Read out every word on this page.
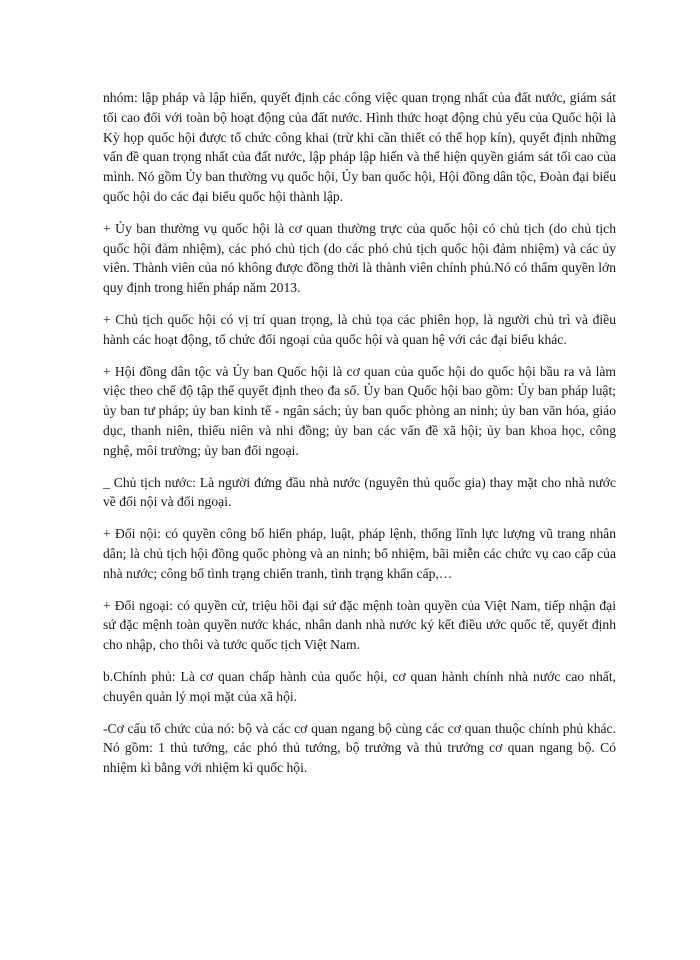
nhóm: lập pháp và lập hiến, quyết định các công việc quan trọng nhất của đất nước, giám sát tối cao đối với toàn bộ hoạt động của đất nước. Hình thức hoạt động chủ yếu của Quốc hội là Kỳ họp quốc hội được tổ chức công khai (trừ khi cần thiết có thể họp kín), quyết định những vấn đề quan trọng nhất của đất nước, lập pháp lập hiến và thể hiện quyền giám sát tối cao của mình. Nó gồm Ủy ban thường vụ quốc hội, Ủy ban quốc hội, Hội đồng dân tộc, Đoàn đại biểu quốc hội do các đại biểu quốc hội thành lập.

+ Ủy ban thường vụ quốc hội là cơ quan thường trực của quốc hội có chủ tịch (do chủ tịch quốc hội đảm nhiệm), các phó chủ tịch (do các phó chủ tịch quốc hội đảm nhiệm) và các ủy viên. Thành viên của nó không được đồng thời là thành viên chính phủ.Nó có thẩm quyền lớn quy định trong hiến pháp năm 2013.

+ Chủ tịch quốc hội có vị trí quan trọng, là chủ tọa các phiên họp, là người chủ trì và điều hành các hoạt động, tổ chức đối ngoại của quốc hội và quan hệ với các đại biểu khác.

+ Hội đồng dân tộc và Ủy ban Quốc hội là cơ quan của quốc hội do quốc hội bầu ra và làm việc theo chế độ tập thể quyết định theo đa số. Ủy ban Quốc hội bao gồm: Ủy ban pháp luật; ủy ban tư pháp; ủy ban kinh tế - ngân sách; ủy ban quốc phòng an ninh; ủy ban văn hóa, giáo dục, thanh niên, thiếu niên và nhi đồng; ủy ban các vấn đề xã hội; ủy ban khoa học, công nghệ, môi trường; ủy ban đối ngoại.

_ Chủ tịch nước: Là người đứng đầu nhà nước (nguyên thủ quốc gia) thay mặt cho nhà nước về đối nội và đối ngoại.

+ Đối nội: có quyền công bố hiến pháp, luật, pháp lệnh, thống lĩnh lực lượng vũ trang nhân dân; là chủ tịch hội đồng quốc phòng và an ninh; bổ nhiệm, bãi miễn các chức vụ cao cấp của nhà nước; công bố tình trạng chiến tranh, tình trạng khẩn cấp,…

+ Đối ngoại: có quyền cử, triệu hồi đại sứ đặc mệnh toàn quyền của Việt Nam, tiếp nhận đại sứ đặc mệnh toàn quyền nước khác, nhân danh nhà nước ký kết điều ước quốc tế, quyết định cho nhập, cho thôi và tước quốc tịch Việt Nam.

b.Chính phủ: Là cơ quan chấp hành của quốc hội, cơ quan hành chính nhà nước cao nhất, chuyên quản lý mọi mặt của xã hội.

-Cơ cấu tổ chức của nó: bộ và các cơ quan ngang bộ cùng các cơ quan thuộc chính phủ khác. Nó gồm: 1 thủ tướng, các phó thủ tướng, bộ trưởng và thủ trưởng cơ quan ngang bộ. Có nhiệm kì bằng với nhiệm kì quốc hội.
